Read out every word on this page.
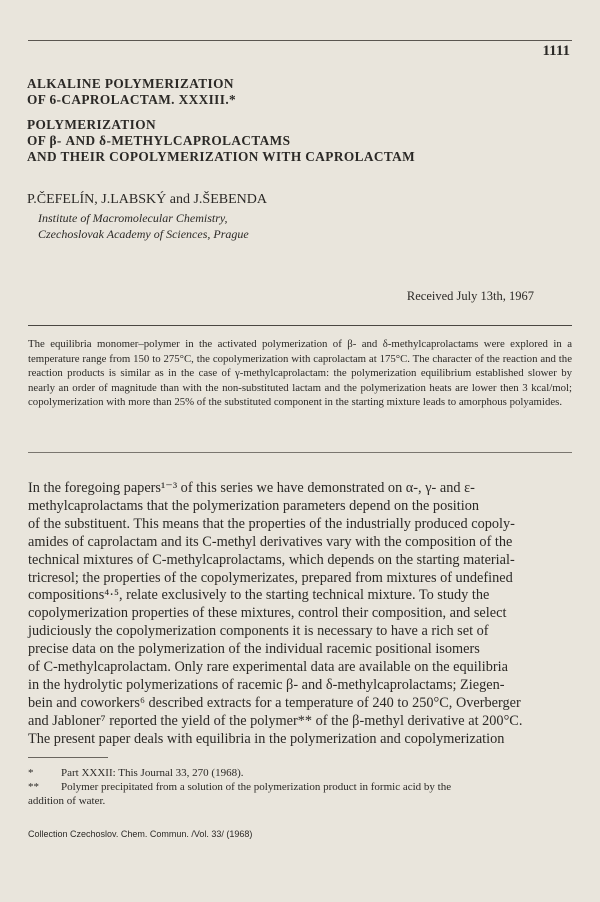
1111
ALKALINE POLYMERIZATION
OF 6-CAPROLACTAM. XXXIII.*
POLYMERIZATION
OF β- AND δ-METHYLCAPROLACTAMS
AND THEIR COPOLYMERIZATION WITH CAPROLACTAM
P.ČEFELÍN, J.LABSKÝ and J.ŠEBENDA
Institute of Macromolecular Chemistry,
Czechoslovak Academy of Sciences, Prague
Received July 13th, 1967
The equilibria monomer–polymer in the activated polymerization of β- and δ-methylcaprolactams were explored in a temperature range from 150 to 275°C, the copolymerization with caprolactam at 175°C. The character of the reaction and the reaction products is similar as in the case of γ-methylcaprolactam: the polymerization equilibrium established slower by nearly an order of magnitude than with the non-substituted lactam and the polymerization heats are lower then 3 kcal/mol; copolymerization with more than 25% of the substituted component in the starting mixture leads to amorphous polyamides.
In the foregoing papers¹⁻³ of this series we have demonstrated on α-, γ- and ε-
methylcaprolactams that the polymerization parameters depend on the position
of the substituent. This means that the properties of the industrially produced copoly-
amides of caprolactam and its C-methyl derivatives vary with the composition of the
technical mixtures of C-methylcaprolactams, which depends on the starting material-
tricresol; the properties of the copolymerizates, prepared from mixtures of undefined
compositions⁴·⁵, relate exclusively to the starting technical mixture. To study the
copolymerization properties of these mixtures, control their composition, and select
judiciously the copolymerization components it is necessary to have a rich set of
precise data on the polymerization of the individual racemic positional isomers
of C-methylcaprolactam. Only rare experimental data are available on the equilibria
in the hydrolytic polymerizations of racemic β- and δ-methylcaprolactams; Ziegen-
bein and coworkers⁶ described extracts for a temperature of 240 to 250°C, Overberger
and Jabloner⁷ reported the yield of the polymer** of the β-methyl derivative at 200°C.
The present paper deals with equilibria in the polymerization and copolymerization
*	Part XXXII: This Journal 33, 270 (1968).
**	Polymer precipitated from a solution of the polymerization product in formic acid by the
addition of water.
Collection Czechoslov. Chem. Commun. /Vol. 33/ (1968)
